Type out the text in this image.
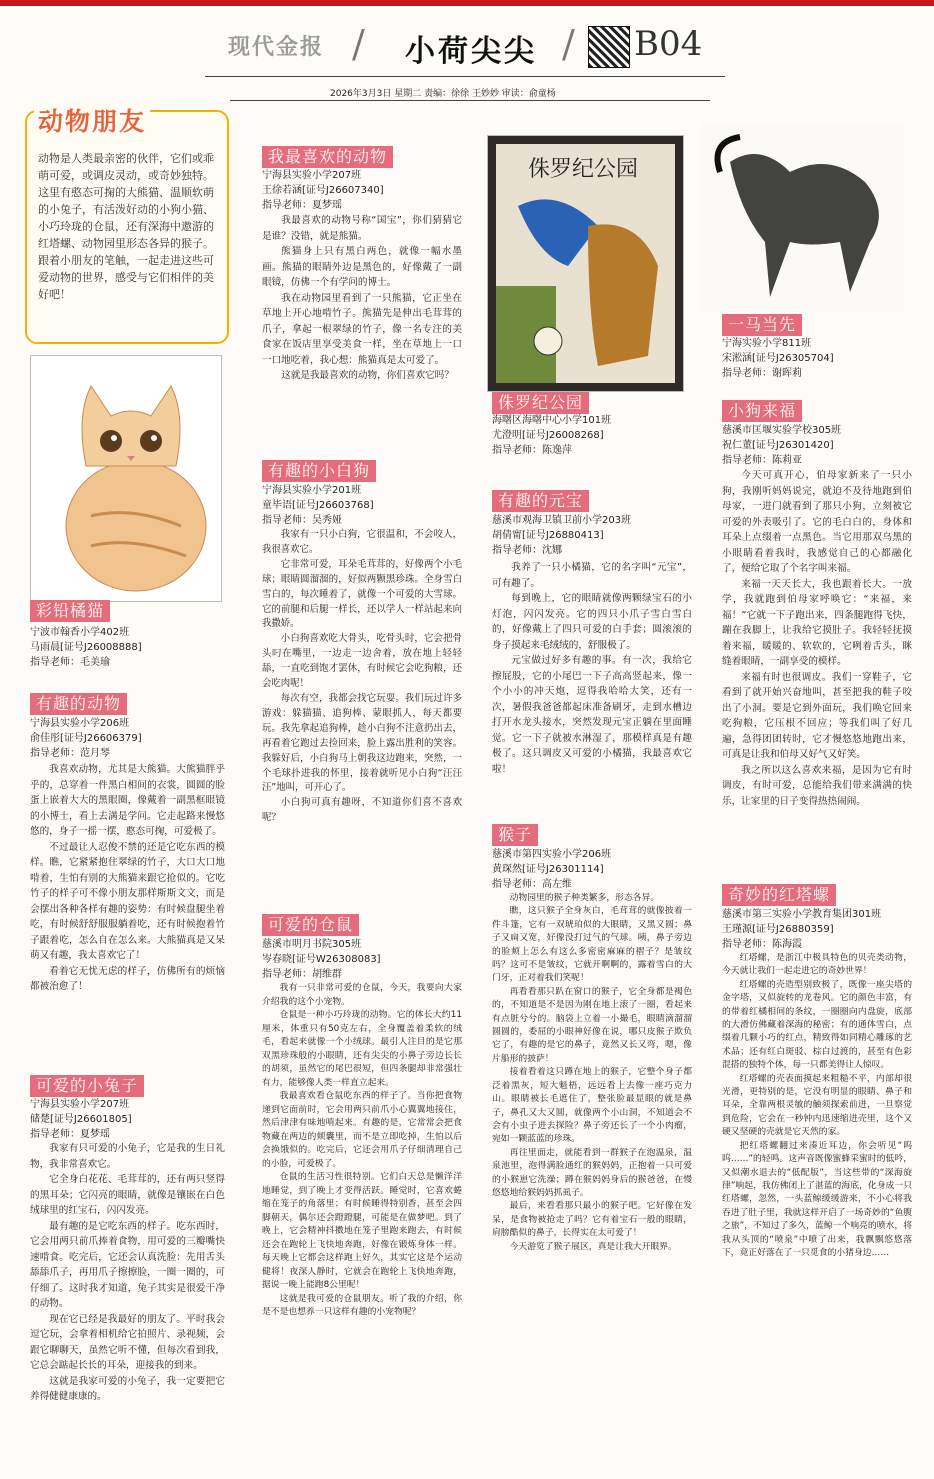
现代金报 / 小荷尖尖 / B04
2026年3月3日 星期二 责编：徐徐 王妙妙 审读：俞童杨
动物朋友
动物是人类最亲密的伙伴，它们或乖萌可爱，或调皮灵动，或奇妙独特。这里有憨态可掬的大熊猫、温顺软萌的小兔子，有活泼好动的小狗小猫、小巧玲珑的仓鼠，还有深海中遨游的红塔螺、动物园里形态各异的猴子。跟着小朋友的笔触，一起走进这些可爱动物的世界，感受与它们相伴的美好吧！
彩铅橘猫
宁波市翰香小学402班
马雨晨[证号J26008888]
指导老师：毛美瑜
有趣的动物
宁海县实验小学206班
俞佳彤[证号J26606379]
指导老师：范月琴

我喜欢动物，尤其是大熊猫。大熊猫胖乎乎的，总穿着一件黑白相间的衣裳，圆圆的脸蛋上嵌着大大的黑眼圈，像戴着一副黑框眼镜的小博士，看上去满是学问。它走起路来慢悠悠的，身子一摇一摆，憨态可掬，可爱极了。

不过最让人忍俊不禁的还是它吃东西的模样。瞧，它紧紧抱住翠绿的竹子，大口大口地啃着，生怕有别的大熊猫来跟它抢似的。它吃竹子的样子可不像小朋友那样斯斯文文，而是会摆出各种各样有趣的姿势：有时候盘腿坐着吃，有时候舒舒服服躺着吃，还有时候抱着竹子跟着吃，怎么自在怎么来。大熊猫真是又呆萌又有趣，我太喜欢它了！

看着它无忧无虑的样子，仿佛所有的烦恼都被治愈了！

可爱的小兔子
宁海县实验小学207班
储楚[证号J26601805]
指导老师：夏梦瑶

我家有只可爱的小兔子，它是我的生日礼物，我非常喜欢它。

它全身白花花、毛茸茸的，还有两只竖得的黑耳朵；它闪亮的眼睛，就像是镶嵌在白色绒球里的红宝石，闪闪发亮。

最有趣的是它吃东西的样子。吃东西时，它会用两只前爪捧着食物，用可爱的三瓣嘴快速啃食。吃完后，它还会认真洗脸：先用舌头舔舔爪子，再用爪子擦擦脸，一圈一圈的，可仔细了。这时我才知道，兔子其实是很爱干净的动物。

现在它已经是我最好的朋友了。平时我会逗它玩，会拿着相机给它拍照片、录视频，会跟它聊聊天，虽然它听不懂，但每次看到我，它总会踮起长长的耳朵，迎接我的到来。

这就是我家可爱的小兔子，我一定要把它养得健健康康的。

我最喜欢的动物
宁海县实验小学207班
王徐若涵[证号J26607340]
指导老师：夏梦瑶

我最喜欢的动物号称“国宝”，你们猜猜它是谁？没错，就是熊猫。

熊猫身上只有黑白两色，就像一幅水墨画。熊猫的眼睛外边是黑色的，好像戴了一副眼镜，仿佛一个有学问的博士。

我在动物园里看到了一只熊猫，它正坐在草地上开心地啃竹子。熊猫先是伸出毛茸茸的爪子，拿起一根翠绿的竹子，像一名专注的美食家在饭店里享受美食一样，坐在草地上一口一口地吃着，我心想：熊猫真是太可爱了。

这就是我最喜欢的动物，你们喜欢它吗？

有趣的小白狗
宁海县实验小学201班
童毕语[证号J26603768]
指导老师：吴秀娅

我家有一只小白狗，它很温和，不会咬人，我很喜欢它。

它非常可爱，耳朵毛茸茸的，好像两个小毛球；眼睛圆溜溜的，好似两颗黑珍珠。全身雪白雪白的，每次睡着了，就像一个可爱的大雪球。它的前腿和后腿一样长，还以学人一样站起来向我撒娇。

小白狗喜欢吃大骨头，吃骨头时，它会把骨头叼在嘴里，一边走一边舍着，放在地上轻轻舔，一直吃到饱才罢休，有时候它会吃狗粮，还会吃肉呢！

每次有空，我都会找它玩耍。我们玩过许多游戏：躲猫猫、追狗棒、蒙眼抓人，每天都要玩。我先拿起追狗棒，趁小白狗不注意扔出去，再看着它跑过去捡回来，脸上露出胜利的笑容。我躲好后，小白狗马上朝我这边跑来，突然，一个毛球扑进我的怀里，接着就听见小白狗“汪汪汪”地叫，可开心了。

小白狗可真有趣呀，不知道你们喜不喜欢呢？

可爱的仓鼠
慈溪市明月书院305班
岑春晓[证号W26308083]
指导老师：胡维群

我有一只非常可爱的仓鼠，今天，我要向大家介绍我的这个小宠物。

仓鼠是一种小巧玲珑的动物。它的体长大约11厘米，体重只有50克左右，全身覆盖着柔软的绒毛，看起来就像一个小绒球。最引人注目的是它那双黑珍珠般的小眼睛，还有尖尖的小鼻子旁边长长的胡须，虽然它的尾巴很短，但四条腿却非常强壮有力，能够像人类一样直立起来。

我最喜欢看仓鼠吃东西的样子了。当你把食物递到它面前时，它会用两只前爪小心翼翼地接住，然后津津有味地啃起来。有趣的是，它常常会把食物藏在两边的颊囊里，而不是立即吃掉，生怕以后会换饿似的。吃完后，它还会用爪子仔细清理自己的小脸，可爱极了。

仓鼠的生活习性很特别。它们白天总是懒洋洋地睡觉，到了晚上才变得活跃。睡觉时，它喜欢蜷缩在笼子的角落里；有时候睡得特别香，甚至会四脚朝天，偶尔还会蹬蹬腿，可能是在做梦吧。到了晚上，它会精神抖擞地在笼子里跑来跑去，有时候还会在跑轮上飞快地奔跑，好像在锻炼身体一样。每天晚上它都会这样跑上好久，其实它这是个运动健将！夜深人静时，它就会在跑轮上飞快地奔跑，据说一晚上能跑8公里呢！

这就是我可爱的仓鼠朋友。听了我的介绍，你是不是也想养一只这样有趣的小宠物呢？

侏罗纪公园
侏罗纪公园
海曙区海曙中心小学101班
尤澄明[证号J26008268]
指导老师：陈逸萍
有趣的元宝
慈溪市观海卫镇卫前小学203班
胡倩甯[证号J26880413]
指导老师：沈娜

我养了一只小橘猫，它的名字叫“元宝”，可有趣了。

每到晚上，它的眼睛就像两颗绿宝石的小灯泡，闪闪发亮。它的四只小爪子雪白雪白的，好像戴上了四只可爱的白手套；圆滚滚的身子摸起来毛绒绒的，舒服极了。

元宝做过好多有趣的事。有一次，我给它擦屁股，它的小尾巴一下子高高竖起来，像一个小小的冲天炮，逗得我哈哈大笑，还有一次，暑假我爸爸都起床准备刷牙，走到水槽边打开水龙头接水，突然发现元宝正躺在里面睡觉。它一下子就被水淋湿了，那模样真是有趣极了。这只调皮又可爱的小橘猫，我最喜欢它啦！

猴子
慈溪市第四实验小学206班
黄琛然[证号J26301114]
指导老师：高左维

动物园里的猴子种类繁多，形态各异。

瞧，这只猴子全身灰白，毛茸茸的就像披着一件斗篷，它有一双琥珀似的大眼睛，又黑又圆；鼻子又扁又宽，好像没打过气的气球。咦，鼻子旁边的脸颊上怎么有这么多密密麻麻的褶子？是皱纹吗？这可不是皱纹，它就开啊啊的，露着雪白的大门牙，正对着我们笑呢！

再看看那只趴在窗口的猴子，它全身都是褐色的，不知道是不是因为刚在地上滚了一圈，看起来有点脏兮兮的。脑袋上立着一小撮毛，眼睛滴溜溜圆圆的，委屈的小眼神好像在说，哪只皮猴子欺负它了，有趣的是它的鼻子，竟然又长又弯，嗯，像片船形的披萨！

接着看着这只蹲在地上的猴子，它整个身子都泛着黑灰，短大魁梧，远远看上去像一座巧克力山。眼睛被长毛遮住了，整张脸最显眼的就是鼻子，鼻孔又大又圆，就像两个小山洞，不知道会不会有小虫子进去探险？鼻子旁还长了一个小肉瘤，宛如一颗蓝蓝的珍珠。

再往里面走，就能看到一群猴子在泡温泉，温泉池里，泡得满脸通红的猴妈妈，正抱着一只可爱的小猴崽它洗澡；蹲在猴妈妈身后的猴爸爸，在慢悠悠地给猴妈妈抓虱子。

最后，来看看那只最小的猴子吧。它好像在发呆，是食物被抢走了吗？它有着宝石一般的眼睛，肩膀酷似的鼻子，长得实在太可爱了！

今天游览了猴子展区，真是让我大开眼界。

一马当先
宁海实验小学811班
宋淞涵[证号J26305704]
指导老师：谢晖莉
小狗来福
慈溪市匡堰实验学校305班
祝仁董[证号J26301420]
指导老师：陈莉亚

今天可真开心，伯母家新来了一只小狗，我刚听妈妈说完，就迫不及待地跑到伯母家，一进门就看到了那只小狗，立刻被它可爱的外表吸引了。它的毛白白的，身体和耳朵上点缀着一点黑色。当它用那双乌黑的小眼睛看着我时，我感觉自己的心都融化了，便给它取了个名字叫来福。

来福一天天长大，我也跟着长大。一放学，我就跑到伯母家呼唤它：“来福，来福！”它就一下子跑出来，四条腿跑得飞快，蹦在我脚上，让我给它摸肚子。我轻轻抚摸着来福，暖暖的、软软的，它咧着舌头，眯缝着眼睛，一副享受的模样。

来福有时也很调皮。我们一穿鞋子，它看到了就开始兴奋地叫，甚至把我的鞋子咬出了小洞。要是它到外面玩，我们唤它回来吃狗粮，它压根不回应；等我们叫了好几遍，急得团团转时，它才慢悠悠地跑出来，可真是让我和伯母又好气又好笑。

我之所以这么喜欢来福，是因为它有时调皮，有时可爱，总能给我们带来满满的快乐，让家里的日子变得热热闹闹。

奇妙的红塔螺
慈溪市第三实验小学教育集团301班
王瑾源[证号J26880359]
指导老师：陈海霞

红塔螺，是浙江中极具特色的贝壳类动物，今天就让我们一起走进它的奇妙世界！

红塔螺的壳造型别致极了，既像一座尖塔的金字塔，又似旋转的龙卷风。它的颜色丰富，有的带着红橘相间的条纹，一圈圈向内盘旋，底部的大滑仿佛藏着深海的秘密；有的通体雪白，点缀着几颗小巧的红点，精致得如同精心雕琢的艺术品；还有红白斑驳、棕白过渡的，甚至有色彩混搭的独特个体，每一只都美得让人惊叹。

红塔螺的壳表面摸起来粗糙不平，内部却很光滑，更特别的是，它没有明显的眼睛、鼻子和耳朵，全靠两根灵敏的触须探索前进，一旦察觉到危险，它会在一秒钟内迅速缩进壳里，这个又硬又坚硬的壳就是它天然的家。

把红塔螺翻过来凑近耳边，你会听见“呜呜……”的轻鸣。这声音既像蜜蜂采蜜时的低吟，又似潮水退去的“低配版”，当这些带的“深海旋律”响起，我仿佛闭上了湛蓝的海底，化身成一只红塔螺，忽然，一头蓝鲸缓缓游来，不小心将我吞进了肚子里，我就这样开启了一场奇妙的“鱼腹之旅”，不知过了多久，蓝鲸一个响亮的喷水，将我从头顶的“喷泉”中喷了出来，我飘飘悠悠落下，竟正好落在了一只觅食的小猪身边……
